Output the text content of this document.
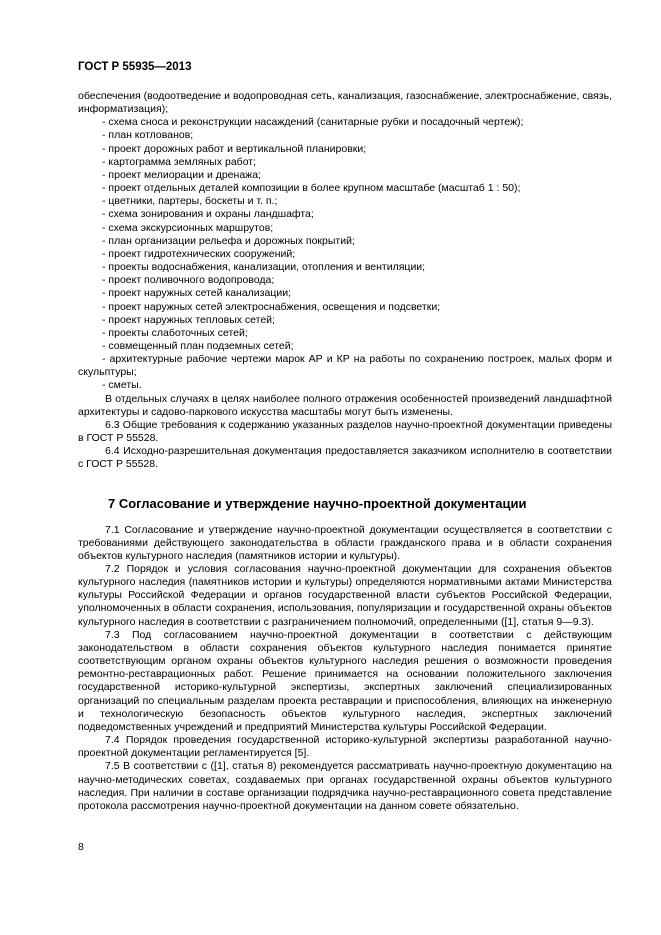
ГОСТ Р 55935—2013

обеспечения (водоотведение и водопроводная сеть, канализация, газоснабжение, электроснабжение, связь, информатизация);

- схема сноса и реконструкции насаждений (санитарные рубки и посадочный чертеж);
- план котлованов;
- проект дорожных работ и вертикальной планировки;
- картограмма земляных работ;
- проект мелиорации и дренажа;
- проект отдельных деталей композиции в более крупном масштабе (масштаб 1 : 50);
- цветники, партеры, боскеты и т. п.;
- схема зонирования и охраны ландшафта;
- схема экскурсионных маршрутов;
- план организации рельефа и дорожных покрытий;
- проект гидротехнических сооружений;
- проекты водоснабжения, канализации, отопления и вентиляции;
- проект поливочного водопровода;
- проект наружных сетей канализации;
- проект наружных сетей электроснабжения, освещения и подсветки;
- проект наружных тепловых сетей;
- проекты слаботочных сетей;
- совмещенный план подземных сетей;
- архитектурные рабочие чертежи марок АР и КР на работы по сохранению построек, малых форм и скульптуры;
- сметы.

В отдельных случаях в целях наиболее полного отражения особенностей произведений ландшафтной архитектуры и садово-паркового искусства масштабы могут быть изменены.

6.3 Общие требования к содержанию указанных разделов научно-проектной документации приведены в ГОСТ Р 55528.

6.4 Исходно-разрешительная документация предоставляется заказчиком исполнителю в соответствии с ГОСТ Р 55528.

7 Согласование и утверждение научно-проектной документации

7.1 Согласование и утверждение научно-проектной документации осуществляется в соответствии с требованиями действующего законодательства в области гражданского права и в области сохранения объектов культурного наследия (памятников истории и культуры).

7.2 Порядок и условия согласования научно-проектной документации для сохранения объектов культурного наследия (памятников истории и культуры) определяются нормативными актами Министерства культуры Российской Федерации и органов государственной власти субъектов Российской Федерации, уполномоченных в области сохранения, использования, популяризации и государственной охраны объектов культурного наследия в соответствии с разграничением полномочий, определенными ([1], статья 9—9.3).

7.3 Под согласованием научно-проектной документации в соответствии с действующим законодательством в области сохранения объектов культурного наследия понимается принятие соответствующим органом охраны объектов культурного наследия решения о возможности проведения ремонтно-реставрационных работ. Решение принимается на основании положительного заключения государственной историко-культурной экспертизы, экспертных заключений специализированных организаций по специальным разделам проекта реставрации и приспособления, влияющих на инженерную и технологическую безопасность объектов культурного наследия, экспертных заключений подведомственных учреждений и предприятий Министерства культуры Российской Федерации.

7.4 Порядок проведения государственной историко-культурной экспертизы разработанной научно-проектной документации регламентируется [5].

7.5 В соответствии с ([1], статья 8) рекомендуется рассматривать научно-проектную документацию на научно-методических советах, создаваемых при органах государственной охраны объектов культурного наследия. При наличии в составе организации подрядчика научно-реставрационного совета представление протокола рассмотрения научно-проектной документации на данном совете обязательно.

8
